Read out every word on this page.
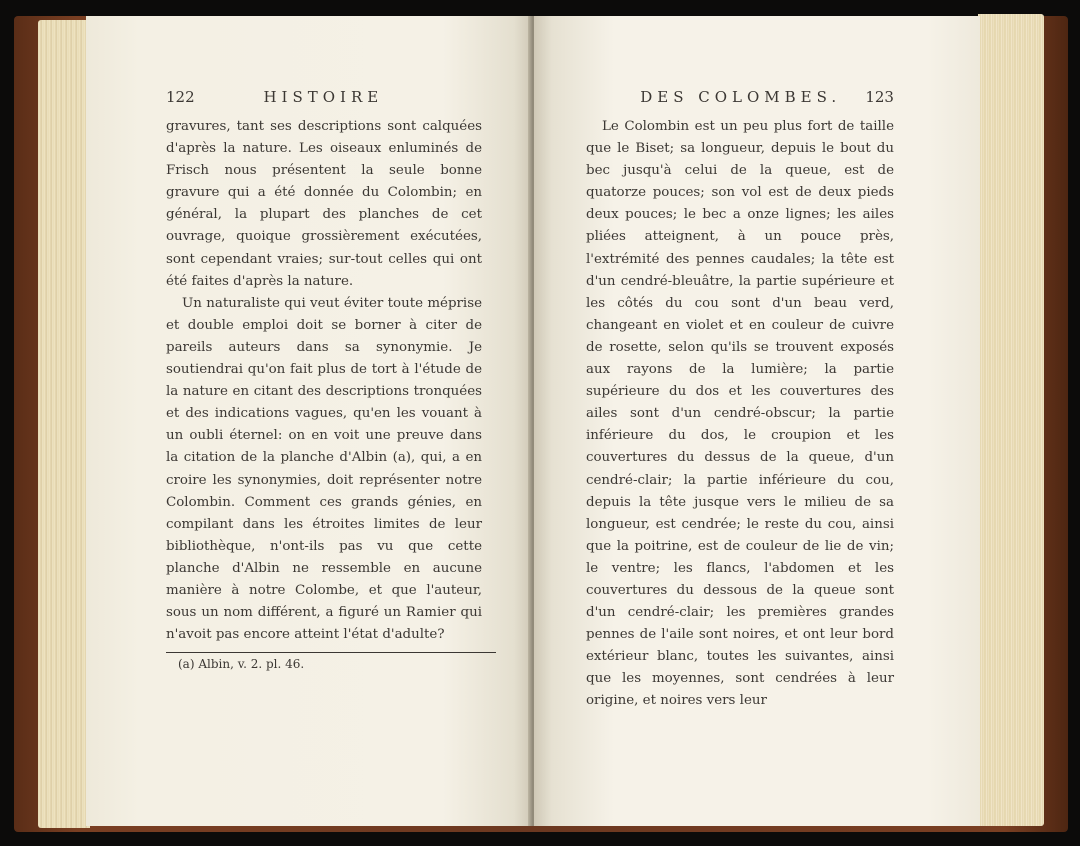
122	HISTOIRE

gravures, tant ses descriptions sont calquées d'après la nature. Les oiseaux enluminés de Frisch nous présentent la seule bonne gravure qui a été donnée du Colombin; en général, la plupart des planches de cet ouvrage, quoique grossièrement exécutées, sont cependant vraies; sur-tout celles qui ont été faites d'après la nature.

Un naturaliste qui veut éviter toute méprise et double emploi doit se borner à citer de pareils auteurs dans sa synonymie. Je soutiendrai qu'on fait plus de tort à l'étude de la nature en citant des descriptions tronquées et des indications vagues, qu'en les vouant à un oubli éternel: on en voit une preuve dans la citation de la planche d'Albin (a), qui, a en croire les synonymies, doit représenter notre Colombin. Comment ces grands génies, en compilant dans les étroites limites de leur bibliothèque, n'ont-ils pas vu que cette planche d'Albin ne ressemble en aucune manière à notre Colombe, et que l'auteur, sous un nom différent, a figuré un Ramier qui n'avoit pas encore atteint l'état d'adulte?

(a) Albin, v. 2. pl. 46.
DES COLOMBES. 123

Le Colombin est un peu plus fort de taille que le Biset; sa longueur, depuis le bout du bec jusqu'à celui de la queue, est de quatorze pouces; son vol est de deux pieds deux pouces; le bec a onze lignes; les ailes pliées atteignent, à un pouce près, l'extrémité des pennes caudales; la tête est d'un cendré-bleuâtre, la partie supérieure et les côtés du cou sont d'un beau verd, changeant en violet et en couleur de cuivre de rosette, selon qu'ils se trouvent exposés aux rayons de la lumière; la partie supérieure du dos et les couvertures des ailes sont d'un cendré-obscur; la partie inférieure du dos, le croupion et les couvertures du dessus de la queue, d'un cendré-clair; la partie inférieure du cou, depuis la tête jusque vers le milieu de sa longueur, est cendrée; le reste du cou, ainsi que la poitrine, est de couleur de lie de vin; le ventre; les flancs, l'abdomen et les couvertures du dessous de la queue sont d'un cendré-clair; les premières grandes pennes de l'aile sont noires, et ont leur bord extérieur blanc, toutes les suivantes, ainsi que les moyennes, sont cendrées à leur origine, et noires vers leur
